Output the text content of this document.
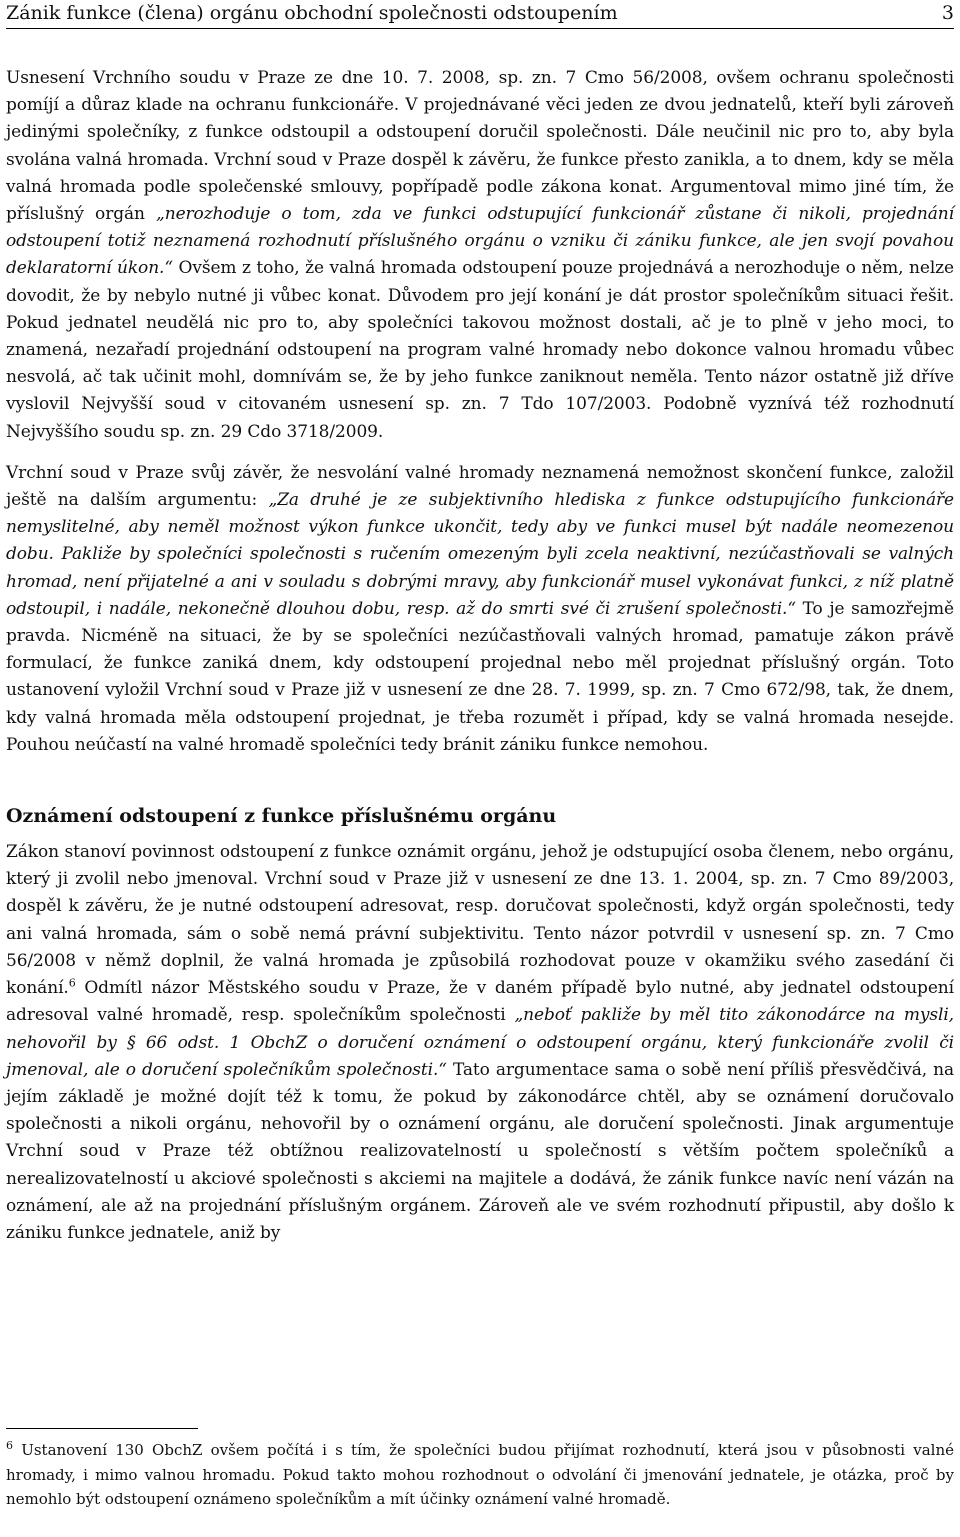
Zánik funkce (člena) orgánu obchodní společnosti odstoupením	3

Usnesení Vrchního soudu v Praze ze dne 10. 7. 2008, sp. zn. 7 Cmo 56/2008, ovšem ochranu společnosti pomíjí a důraz klade na ochranu funkcionáře. V projednávané věci jeden ze dvou jednatelů, kteří byli zároveň jedinými společníky, z funkce odstoupil a odstoupení doručil společnosti. Dále neučinil nic pro to, aby byla svolána valná hromada. Vrchní soud v Praze dospěl k závěru, že funkce přesto zanikla, a to dnem, kdy se měla valná hromada podle společenské smlouvy, popřípadě podle zákona konat. Argumentoval mimo jiné tím, že příslušný orgán „nerozhoduje o tom, zda ve funkci odstupující funkcionář zůstane či nikoli, projednání odstoupení totiž neznamená rozhodnutí příslušného orgánu o vzniku či zániku funkce, ale jen svojí povahou deklaratorní úkon.“ Ovšem z toho, že valná hromada odstoupení pouze projednává a nerozhoduje o něm, nelze dovodit, že by nebylo nutné ji vůbec konat. Důvodem pro její konání je dát prostor společníkům situaci řešit. Pokud jednatel neudělá nic pro to, aby společníci takovou možnost dostali, ač je to plně v jeho moci, to znamená, nezařadí projednání odstoupení na program valné hromady nebo dokonce valnou hromadu vůbec nesvolá, ač tak učinit mohl, domnívám se, že by jeho funkce zaniknout neměla. Tento názor ostatně již dříve vyslovil Nejvyšší soud v citovaném usnesení sp. zn. 7 Tdo 107/2003. Podobně vyznívá též rozhodnutí Nejvyššího soudu sp. zn. 29 Cdo 3718/2009.

Vrchní soud v Praze svůj závěr, že nesvolání valné hromady neznamená nemožnost skončení funkce, založil ještě na dalším argumentu: „Za druhé je ze subjektivního hlediska z funkce odstupujícího funkcionáře nemyslitelné, aby neměl možnost výkon funkce ukončit, tedy aby ve funkci musel být nadále neomezenou dobu. Pakliže by společníci společnosti s ručením omezeným byli zcela neaktivní, nezúčastňovali se valných hromad, není přijatelné a ani v souladu s dobrými mravy, aby funkcionář musel vykonávat funkci, z níž platně odstoupil, i nadále, nekonečně dlouhou dobu, resp. až do smrti své či zrušení společnosti.“ To je samozřejmě pravda. Nicméně na situaci, že by se společníci nezúčastňovali valných hromad, pamatuje zákon právě formulací, že funkce zaniká dnem, kdy odstoupení projednal nebo měl projednat příslušný orgán. Toto ustanovení vyložil Vrchní soud v Praze již v usnesení ze dne 28. 7. 1999, sp. zn. 7 Cmo 672/98, tak, že dnem, kdy valná hromada měla odstoupení projednat, je třeba rozumět i případ, kdy se valná hromada nesejde. Pouhou neúčastí na valné hromadě společníci tedy bránit zániku funkce nemohou.

Oznámení odstoupení z funkce příslušnému orgánu

Zákon stanoví povinnost odstoupení z funkce oznámit orgánu, jehož je odstupující osoba členem, nebo orgánu, který ji zvolil nebo jmenoval. Vrchní soud v Praze již v usnesení ze dne 13. 1. 2004, sp. zn. 7 Cmo 89/2003, dospěl k závěru, že je nutné odstoupení adresovat, resp. doručovat společnosti, když orgán společnosti, tedy ani valná hromada, sám o sobě nemá právní subjektivitu. Tento názor potvrdil v usnesení sp. zn. 7 Cmo 56/2008 v němž doplnil, že valná hromada je způsobilá rozhodovat pouze v okamžiku svého zasedání či konání.$^6$ Odmítl názor Městského soudu v Praze, že v daném případě bylo nutné, aby jednatel odstoupení adresoval valné hromadě, resp. společníkům společnosti „neboť pakliže by měl tito zákonodárce na mysli, nehovořil by § 66 odst. 1 ObchZ o doručení oznámení o odstoupení orgánu, který funkcionáře zvolil či jmenoval, ale o doručení společníkům společnosti.“ Tato argumentace sama o sobě není příliš přesvědčivá, na jejím základě je možné dojít též k tomu, že pokud by zákonodárce chtěl, aby se oznámení doručovalo společnosti a nikoli orgánu, nehovořil by o oznámení orgánu, ale doručení společnosti. Jinak argumentuje Vrchní soud v Praze též obtížnou realizovatelností u společností s větším počtem společníků a nerealizovatelností u akciové společnosti s akciemi na majitele a dodává, že zánik funkce navíc není vázán na oznámení, ale až na projednání příslušným orgánem. Zároveň ale ve svém rozhodnutí připustil, aby došlo k zániku funkce jednatele, aniž by

$^6$ Ustanovení 130 ObchZ ovšem počítá i s tím, že společníci budou přijímat rozhodnutí, která jsou v působnosti valné hromady, i mimo valnou hromadu. Pokud takto mohou rozhodnout o odvolání či jmenování jednatele, je otázka, proč by nemohlo být odstoupení oznámeno společníkům a mít účinky oznámení valné hromadě.
